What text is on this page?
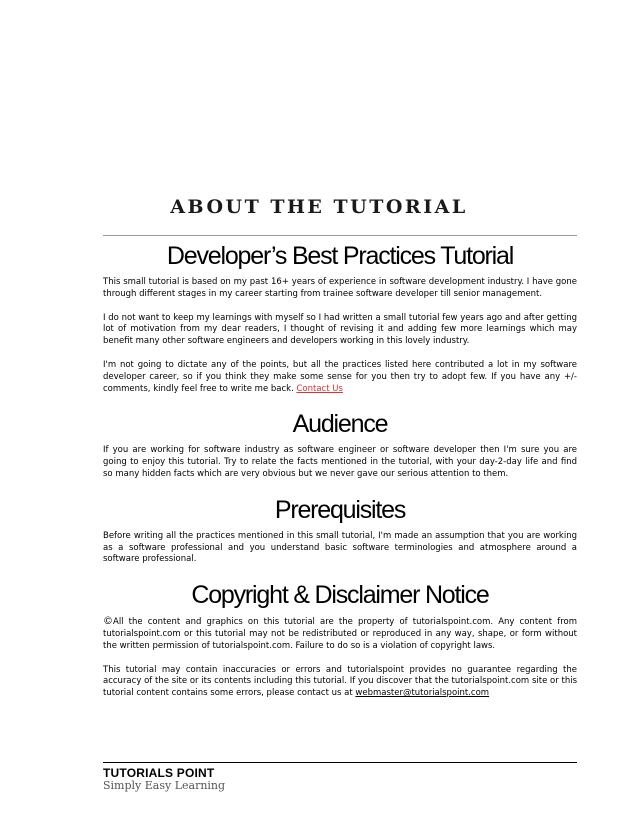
ABOUT THE TUTORIAL
Developer’s Best Practices Tutorial

This small tutorial is based on my past 16+ years of experience in software development industry. I have gone through different stages in my career starting from trainee software developer till senior management.

I do not want to keep my learnings with myself so I had written a small tutorial few years ago and after getting lot of motivation from my dear readers, I thought of revising it and adding few more learnings which may benefit many other software engineers and developers working in this lovely industry.

I'm not going to dictate any of the points, but all the practices listed here contributed a lot in my software developer career, so if you think they make some sense for you then try to adopt few. If you have any +/- comments, kindly feel free to write me back. Contact Us

Audience

If you are working for software industry as software engineer or software developer then I'm sure you are going to enjoy this tutorial. Try to relate the facts mentioned in the tutorial, with your day-2-day life and find so many hidden facts which are very obvious but we never gave our serious attention to them.

Prerequisites

Before writing all the practices mentioned in this small tutorial, I'm made an assumption that you are working as a software professional and you understand basic software terminologies and atmosphere around a software professional.

Copyright & Disclaimer Notice

©All the content and graphics on this tutorial are the property of tutorialspoint.com. Any content from tutorialspoint.com or this tutorial may not be redistributed or reproduced in any way, shape, or form without the written permission of tutorialspoint.com. Failure to do so is a violation of copyright laws.

This tutorial may contain inaccuracies or errors and tutorialspoint provides no guarantee regarding the accuracy of the site or its contents including this tutorial. If you discover that the tutorialspoint.com site or this tutorial content contains some errors, please contact us at webmaster@tutorialspoint.com

TUTORIALS POINT
Simply Easy Learning
